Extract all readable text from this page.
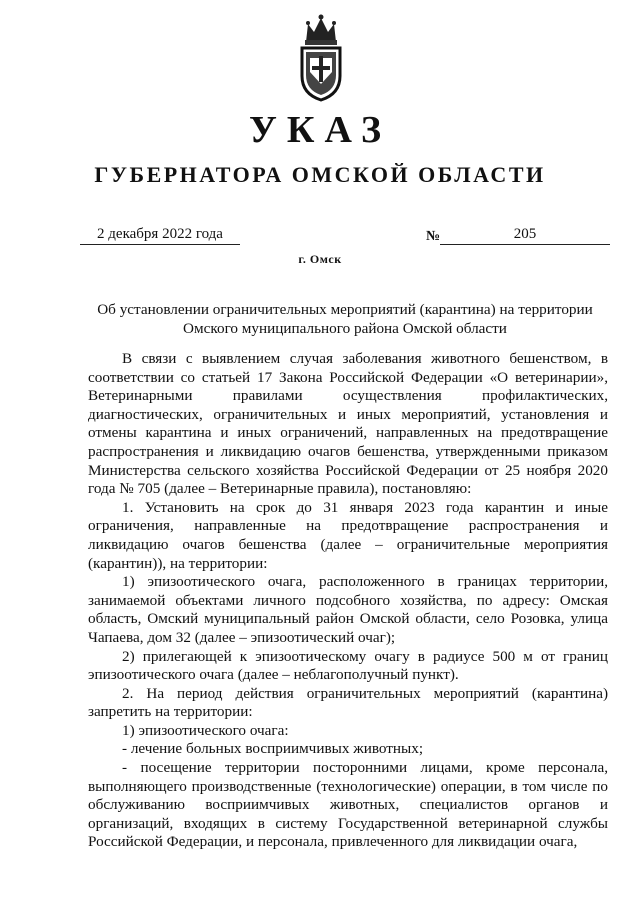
УКАЗ
ГУБЕРНАТОРА ОМСКОЙ ОБЛАСТИ
2 декабря 2022 года	№	205
г. Омск
Об установлении ограничительных мероприятий (карантина) на территории Омского муниципального района Омской области

В связи с выявлением случая заболевания животного бешенством, в соответствии со статьей 17 Закона Российской Федерации «О ветеринарии», Ветеринарными правилами осуществления профилактических, диагностических, ограничительных и иных мероприятий, установления и отмены карантина и иных ограничений, направленных на предотвращение распространения и ликвидацию очагов бешенства, утвержденными приказом Министерства сельского хозяйства Российской Федерации от 25 ноября 2020 года № 705 (далее – Ветеринарные правила), постановляю:

1. Установить на срок до 31 января 2023 года карантин и иные ограничения, направленные на предотвращение распространения и ликвидацию очагов бешенства (далее – ограничительные мероприятия (карантин)), на территории:

1) эпизоотического очага, расположенного в границах территории, занимаемой объектами личного подсобного хозяйства, по адресу: Омская область, Омский муниципальный район Омской области, село Розовка, улица Чапаева, дом 32 (далее – эпизоотический очаг);

2) прилегающей к эпизоотическому очагу в радиусе 500 м от границ эпизоотического очага (далее – неблагополучный пункт).

2. На период действия ограничительных мероприятий (карантина) запретить на территории:

1) эпизоотического очага:

- лечение больных восприимчивых животных;

- посещение территории посторонними лицами, кроме персонала, выполняющего производственные (технологические) операции, в том числе по обслуживанию восприимчивых животных, специалистов органов и организаций, входящих в систему Государственной ветеринарной службы Российской Федерации, и персонала, привлеченного для ликвидации очага,
